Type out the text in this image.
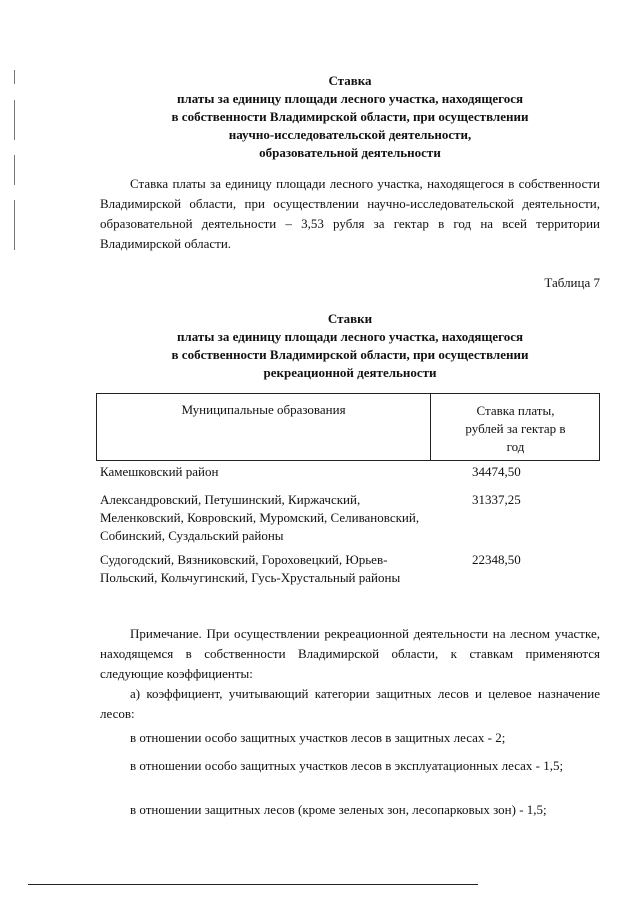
Ставка
платы за единицу площади лесного участка, находящегося
в собственности Владимирской области, при осуществлении
научно-исследовательской деятельности,
образовательной деятельности
Ставка платы за единицу площади лесного участка, находящегося в собственности Владимирской области, при осуществлении научно-исследовательской деятельности, образовательной деятельности – 3,53 рубля за гектар в год на всей территории Владимирской области.
Таблица 7
Ставки
платы за единицу площади лесного участка, находящегося
в собственности Владимирской области, при осуществлении
рекреационной деятельности
Муниципальные образования	Ставка платы,
рублей за гектар в
год
Камешковский район	34474,50
Александровский, Петушинский, Киржачский, Меленковский, Ковровский, Муромский, Селивановский, Собинский, Суздальский районы
31337,25
Судогодский, Вязниковский, Гороховецкий, Юрьев-Польский, Кольчугинский, Гусь-Хрустальный районы
22348,50
Примечание. При осуществлении рекреационной деятельности на лесном участке, находящемся в собственности Владимирской области, к ставкам применяются следующие коэффициенты:
а) коэффициент, учитывающий категории защитных лесов и целевое назначение лесов:
в отношении особо защитных участков лесов в защитных лесах - 2;
в отношении особо защитных участков лесов в эксплуатационных лесах - 1,5;
в отношении защитных лесов (кроме зеленых зон, лесопарковых зон) - 1,5;
